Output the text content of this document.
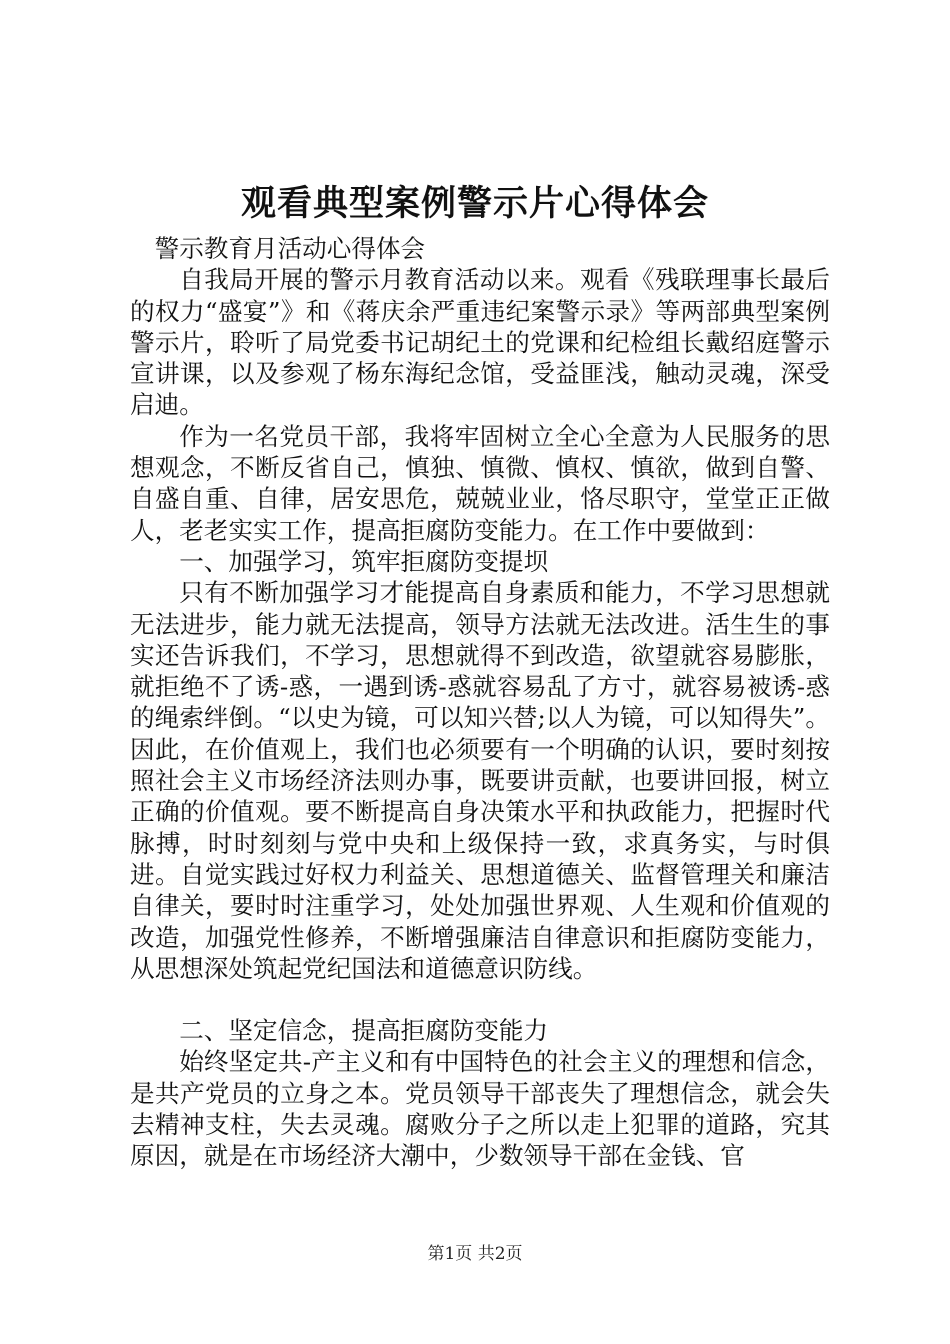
观看典型案例警示片心得体会

警示教育月活动心得体会

自我局开展的警示月教育活动以来。观看《残联理事长最后的权力“盛宴”》和《蒋庆余严重违纪案警示录》等两部典型案例警示片，聆听了局党委书记胡纪土的党课和纪检组长戴绍庭警示宣讲课，以及参观了杨东海纪念馆，受益匪浅，触动灵魂，深受启迪。

作为一名党员干部，我将牢固树立全心全意为人民服务的思想观念，不断反省自己，慎独、慎微、慎权、慎欲，做到自警、自盛自重、自律，居安思危，兢兢业业，恪尽职守，堂堂正正做人，老老实实工作，提高拒腐防变能力。在工作中要做到：

一、加强学习，筑牢拒腐防变提坝

只有不断加强学习才能提高自身素质和能力，不学习思想就无法进步，能力就无法提高，领导方法就无法改进。活生生的事实还告诉我们，不学习，思想就得不到改造，欲望就容易膨胀，就拒绝不了诱-惑，一遇到诱-惑就容易乱了方寸，就容易被诱-惑的绳索绊倒。“以史为镜，可以知兴替;以人为镜，可以知得失”。因此，在价值观上，我们也必须要有一个明确的认识，要时刻按照社会主义市场经济法则办事，既要讲贡献，也要讲回报，树立正确的价值观。要不断提高自身决策水平和执政能力，把握时代脉搏，时时刻刻与党中央和上级保持一致，求真务实，与时俱进。自觉实践过好权力利益关、思想道德关、监督管理关和廉洁自律关，要时时注重学习，处处加强世界观、人生观和价值观的改造，加强党性修养，不断增强廉洁自律意识和拒腐防变能力，从思想深处筑起党纪国法和道德意识防线。

二、坚定信念，提高拒腐防变能力

始终坚定共-产主义和有中国特色的社会主义的理想和信念，是共产党员的立身之本。党员领导干部丧失了理想信念，就会失去精神支柱，失去灵魂。腐败分子之所以走上犯罪的道路，究其原因，就是在市场经济大潮中，少数领导干部在金钱、官

第1页 共2页
